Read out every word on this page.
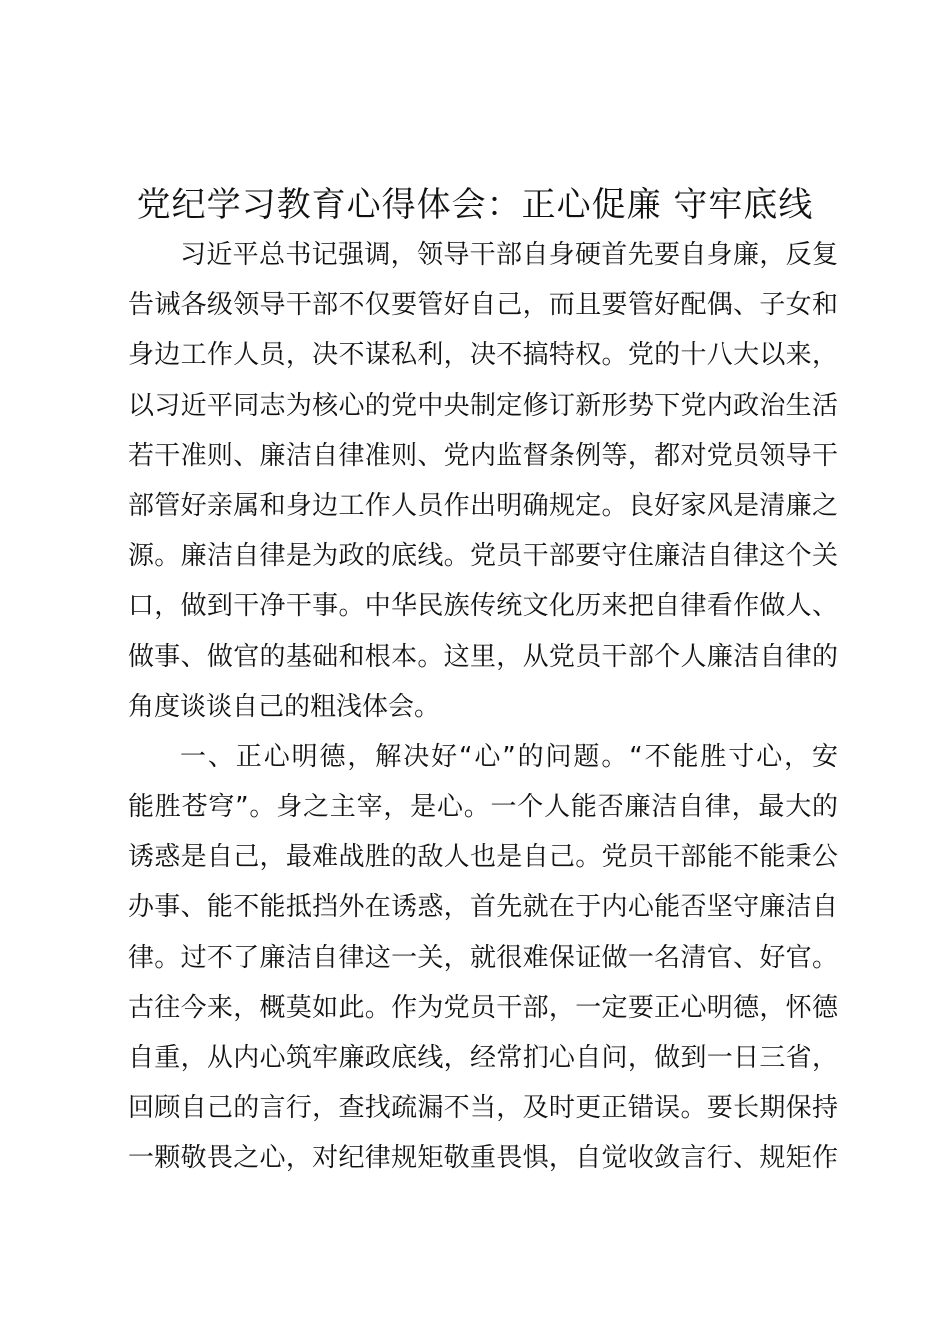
党纪学习教育心得体会：正心促廉 守牢底线
习近平总书记强调，领导干部自身硬首先要自身廉，反复
告诫各级领导干部不仅要管好自己，而且要管好配偶、子女和
身边工作人员，决不谋私利，决不搞特权。党的十八大以来，
以习近平同志为核心的党中央制定修订新形势下党内政治生活
若干准则、廉洁自律准则、党内监督条例等，都对党员领导干
部管好亲属和身边工作人员作出明确规定。良好家风是清廉之
源。廉洁自律是为政的底线。党员干部要守住廉洁自律这个关
口，做到干净干事。中华民族传统文化历来把自律看作做人、
做事、做官的基础和根本。这里，从党员干部个人廉洁自律的
角度谈谈自己的粗浅体会。
一、正心明德，解决好“心”的问题。“不能胜寸心，安
能胜苍穹”。身之主宰，是心。一个人能否廉洁自律，最大的
诱惑是自己，最难战胜的敌人也是自己。党员干部能不能秉公
办事、能不能抵挡外在诱惑，首先就在于内心能否坚守廉洁自
律。过不了廉洁自律这一关，就很难保证做一名清官、好官。
古往今来，概莫如此。作为党员干部，一定要正心明德，怀德
自重，从内心筑牢廉政底线，经常扪心自问，做到一日三省，
回顾自己的言行，查找疏漏不当，及时更正错误。要长期保持
一颗敬畏之心，对纪律规矩敬重畏惧，自觉收敛言行、规矩作
